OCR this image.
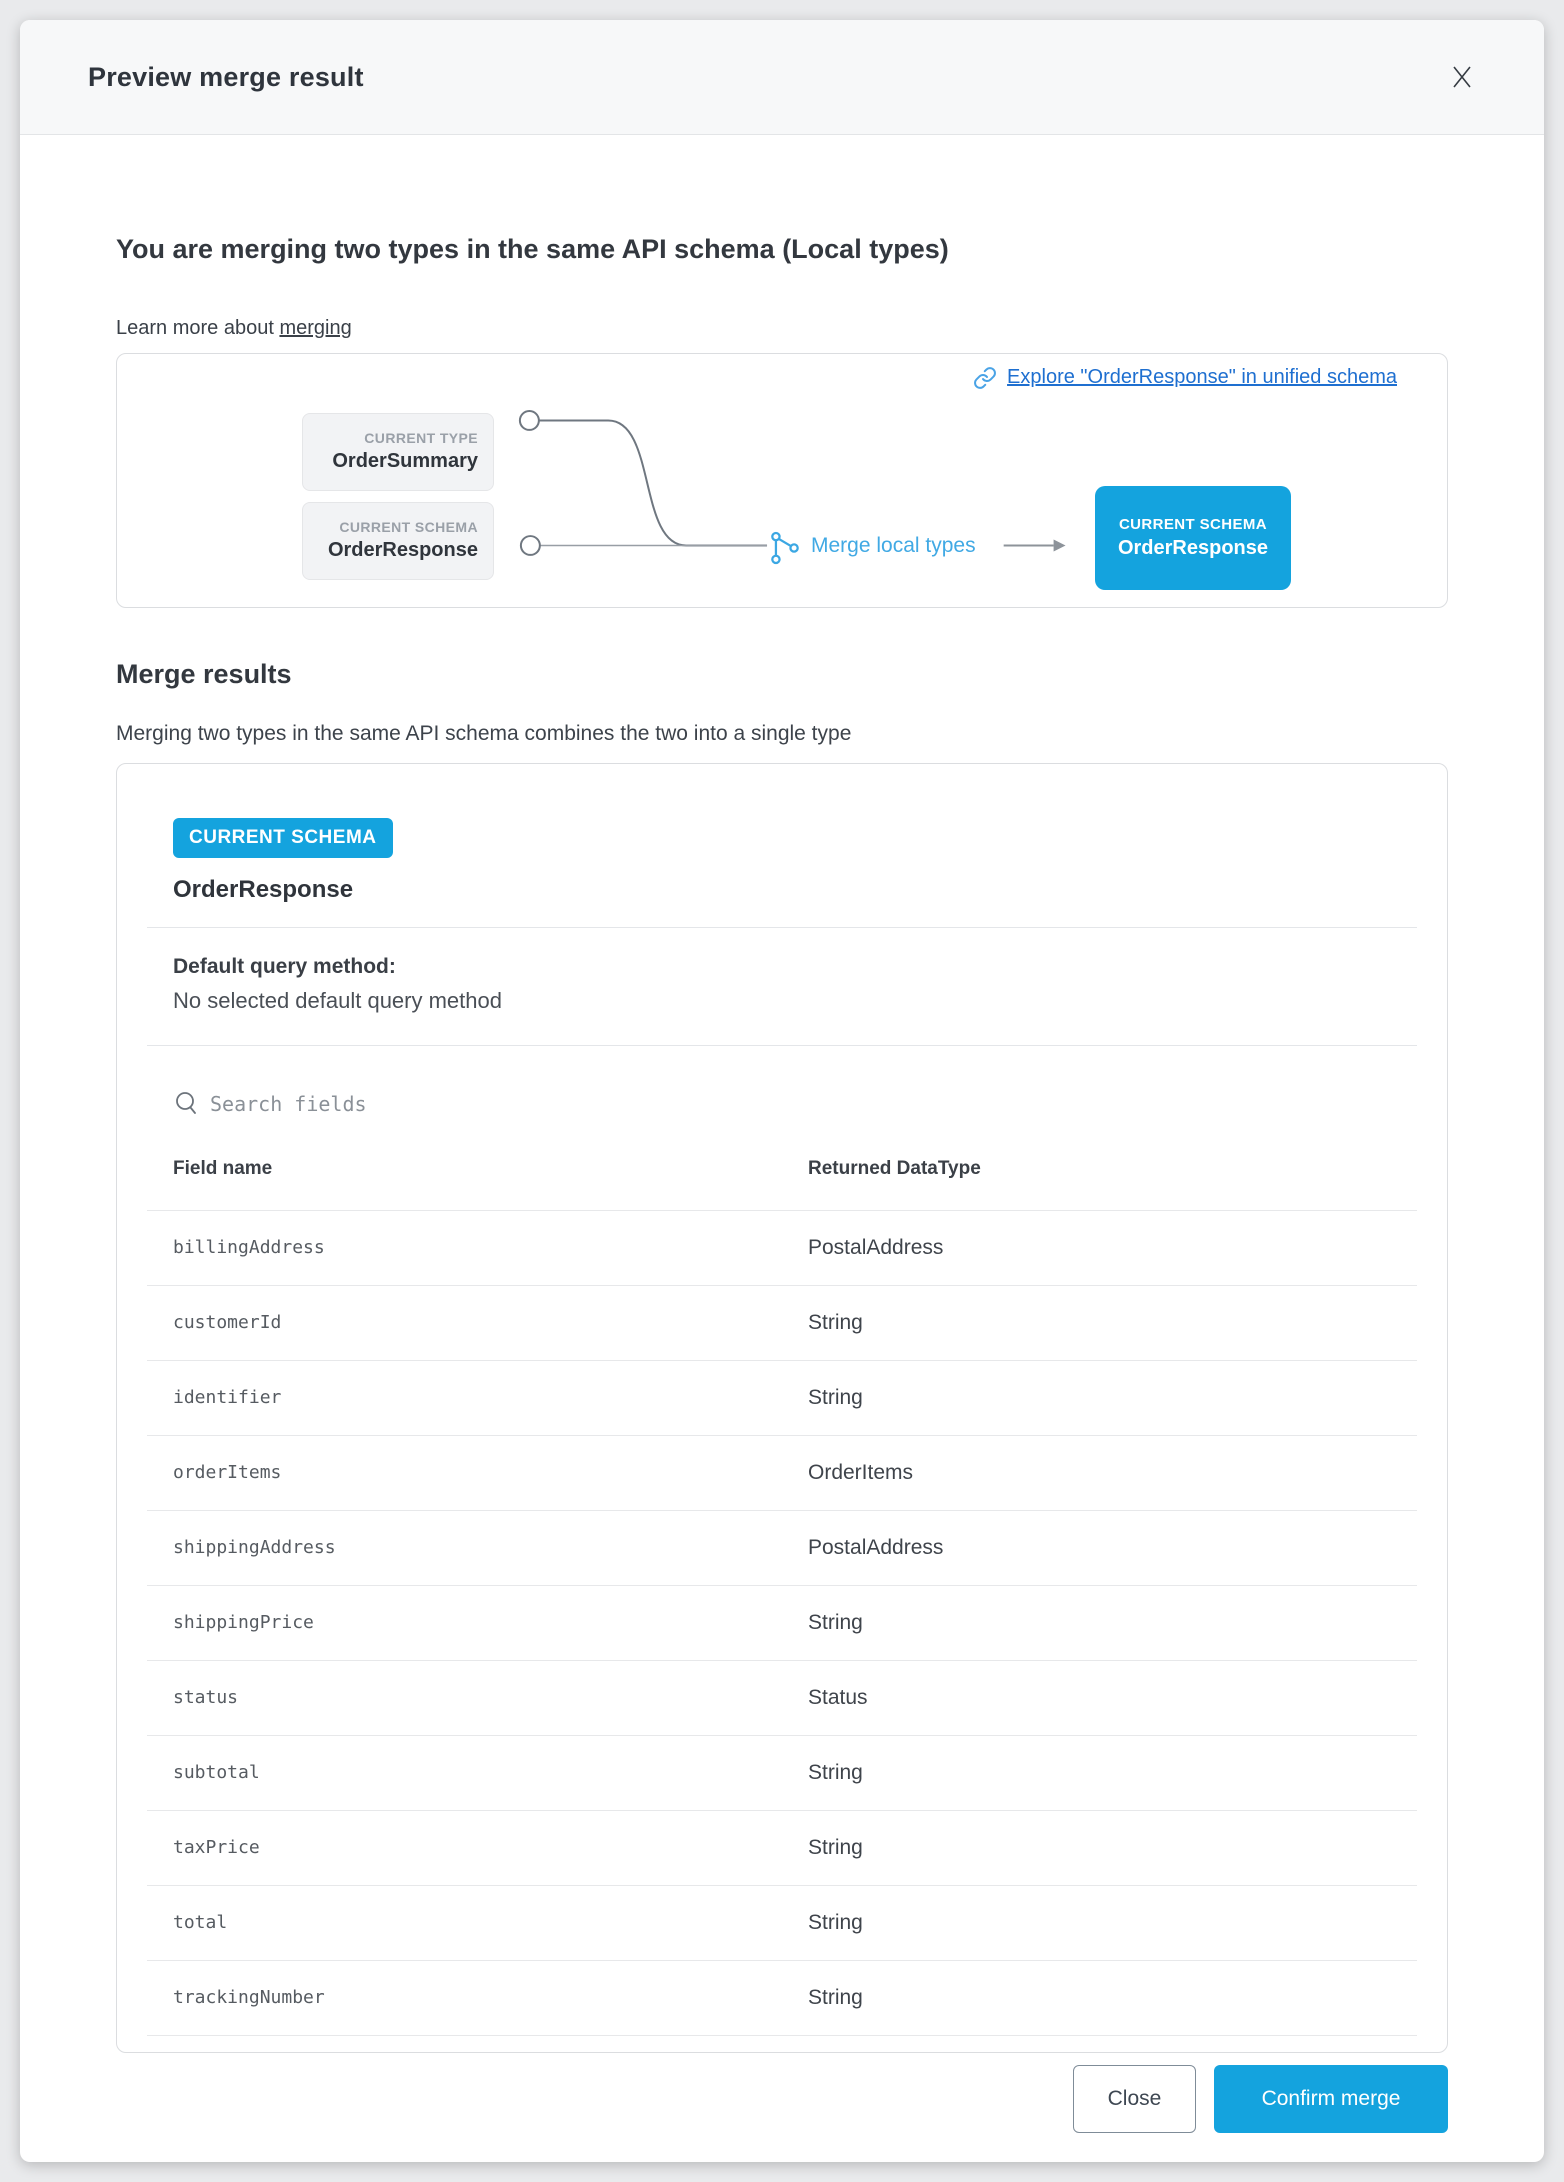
Preview merge result
You are merging two types in the same API schema (Local types)
Learn more about merging
Explore "OrderResponse" in unified schema
CURRENT TYPE
OrderSummary
CURRENT SCHEMA
OrderResponse	Merge local types
CURRENT SCHEMA
OrderResponse
Merge results
Merging two types in the same API schema combines the two into a single type
CURRENT SCHEMA
OrderResponse
Default query method:
No selected default query method
Search fields
Field name	Returned DataType
billingAddress	PostalAddress
customerId	String
identifier	String
orderItems	OrderItems
shippingAddress	PostalAddress
shippingPrice	String
status	Status
subtotal	String
taxPrice	String
total	String
trackingNumber	String
Close	Confirm merge
